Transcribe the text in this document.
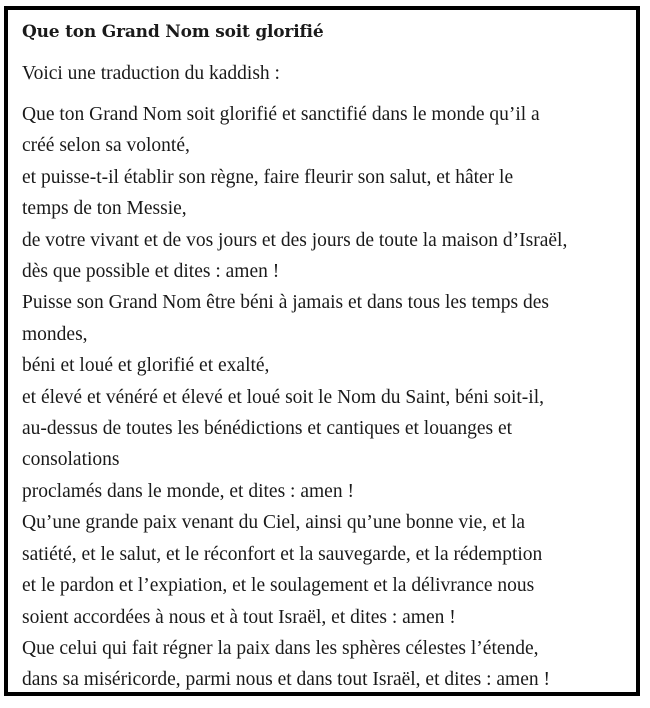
Que ton Grand Nom soit glorifié

Voici une traduction du kaddish :

Que ton Grand Nom soit glorifié et sanctifié dans le monde qu’il a
créé selon sa volonté,
et puisse-t-il établir son règne, faire fleurir son salut, et hâter le
temps de ton Messie,
de votre vivant et de vos jours et des jours de toute la maison d’Israël,
dès que possible et dites : amen !
Puisse son Grand Nom être béni à jamais et dans tous les temps des
mondes,
béni et loué et glorifié et exalté,
et élevé et vénéré et élevé et loué soit le Nom du Saint, béni soit-il,
au-dessus de toutes les bénédictions et cantiques et louanges et
consolations
proclamés dans le monde, et dites : amen !
Qu’une grande paix venant du Ciel, ainsi qu’une bonne vie, et la
satiété, et le salut, et le réconfort et la sauvegarde, et la rédemption
et le pardon et l’expiation, et le soulagement et la délivrance nous
soient accordées à nous et à tout Israël, et dites : amen !
Que celui qui fait régner la paix dans les sphères célestes l’étende,
dans sa miséricorde, parmi nous et dans tout Israël, et dites : amen !
